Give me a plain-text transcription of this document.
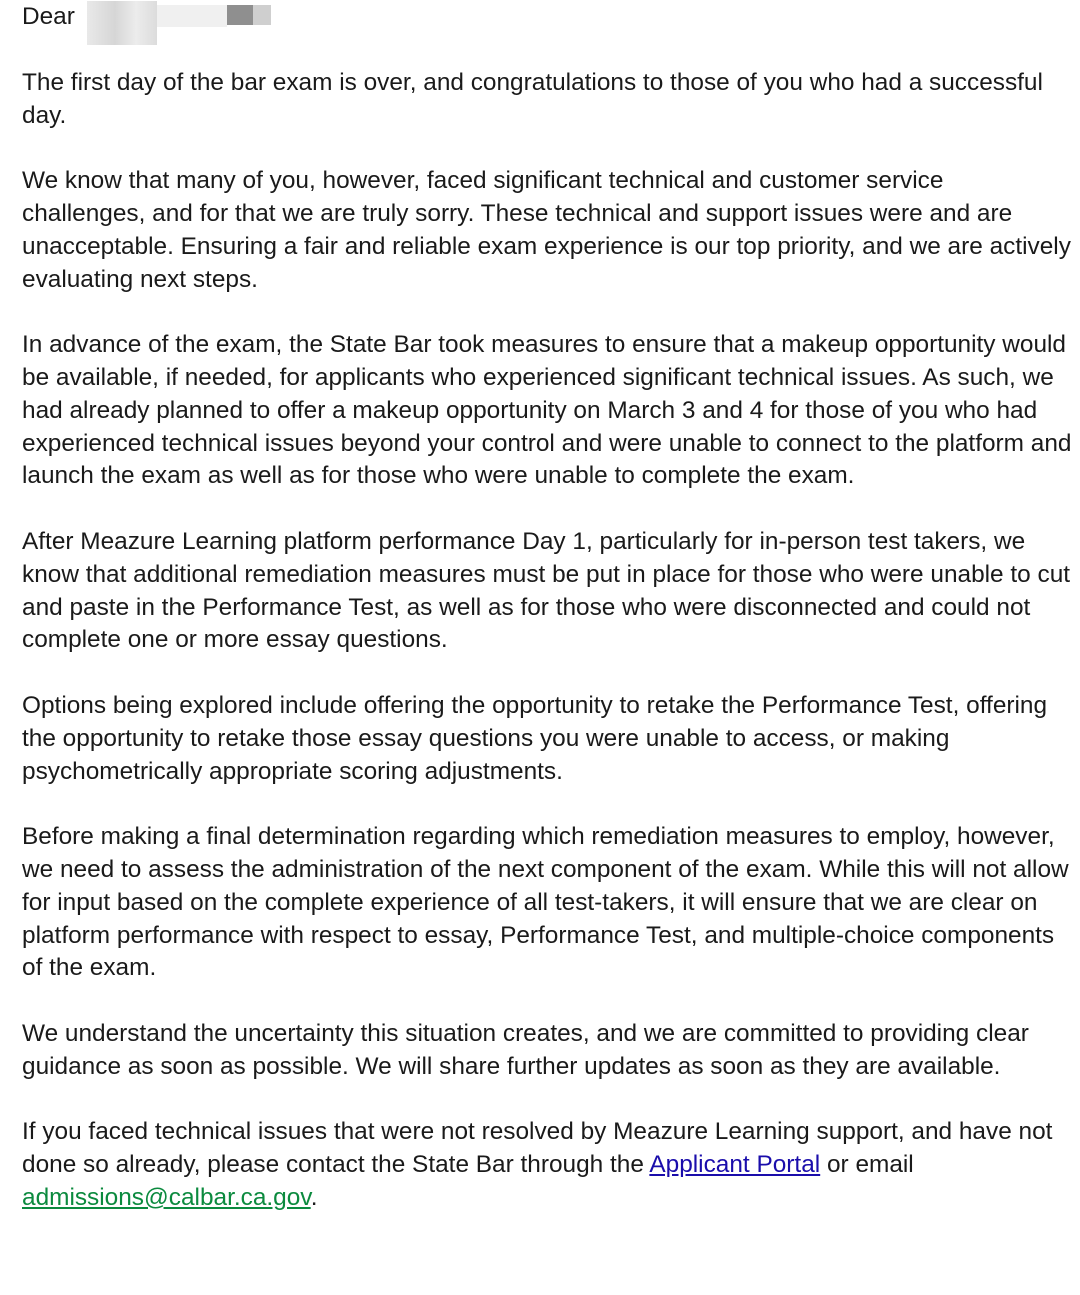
Dear

The first day of the bar exam is over, and congratulations to those of you who had a successful day.

We know that many of you, however, faced significant technical and customer service challenges, and for that we are truly sorry. These technical and support issues were and are unacceptable. Ensuring a fair and reliable exam experience is our top priority, and we are actively evaluating next steps.

In advance of the exam, the State Bar took measures to ensure that a makeup opportunity would be available, if needed, for applicants who experienced significant technical issues. As such, we had already planned to offer a makeup opportunity on March 3 and 4 for those of you who had experienced technical issues beyond your control and were unable to connect to the platform and launch the exam as well as for those who were unable to complete the exam.

After Meazure Learning platform performance Day 1, particularly for in-person test takers, we know that additional remediation measures must be put in place for those who were unable to cut and paste in the Performance Test, as well as for those who were disconnected and could not complete one or more essay questions.

Options being explored include offering the opportunity to retake the Performance Test, offering the opportunity to retake those essay questions you were unable to access, or making psychometrically appropriate scoring adjustments.

Before making a final determination regarding which remediation measures to employ, however, we need to assess the administration of the next component of the exam. While this will not allow for input based on the complete experience of all test-takers, it will ensure that we are clear on platform performance with respect to essay, Performance Test, and multiple-choice components of the exam.

We understand the uncertainty this situation creates, and we are committed to providing clear guidance as soon as possible. We will share further updates as soon as they are available.

If you faced technical issues that were not resolved by Meazure Learning support, and have not done so already, please contact the State Bar through the Applicant Portal or email admissions@calbar.ca.gov.
